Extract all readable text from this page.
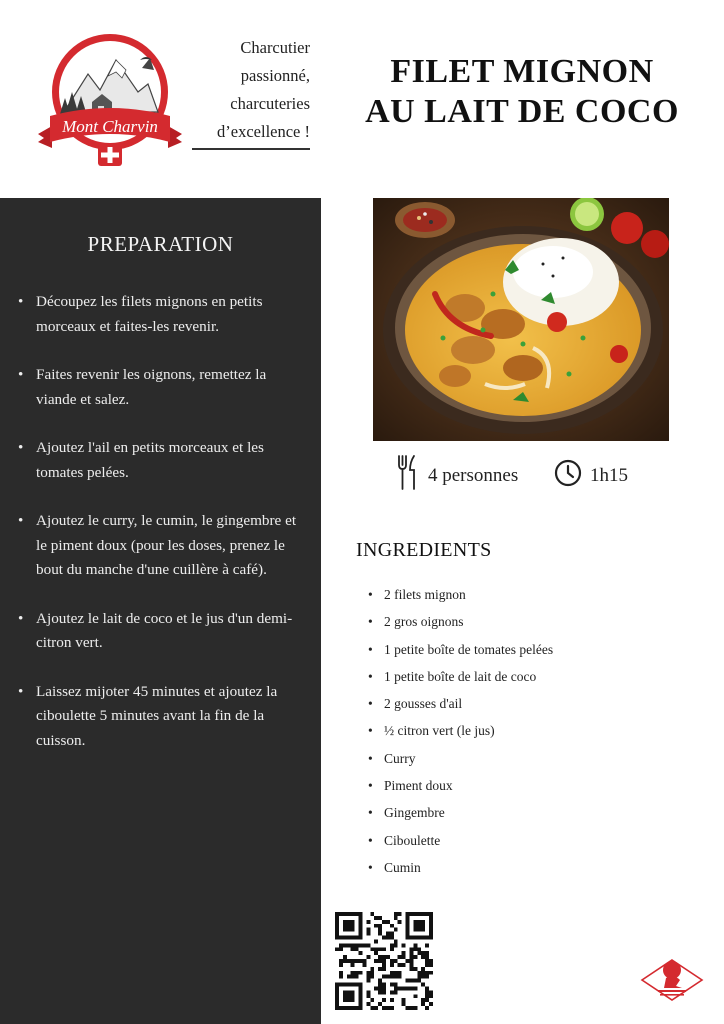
Mont Charvin
Charcutier
passionné,
charcuteries
d’excellence !
FILET MIGNON
AU LAIT DE COCO
PREPARATION
• Découpez les filets mignons en petits morceaux et faites-les revenir.
• Faites revenir les oignons, remettez la viande et salez.
• Ajoutez l'ail en petits morceaux et les tomates pelées.
• Ajoutez le curry, le cumin, le gingembre et le piment doux (pour les doses, prenez le bout du manche d'une cuillère à café).
• Ajoutez le lait de coco et le jus d'un demi-citron vert.
• Laissez mijoter 45 minutes et ajoutez la ciboulette 5 minutes avant la fin de la cuisson.
4 personnes	1h15
INGREDIENTS
• 2 filets mignon
• 2 gros oignons
• 1 petite boîte de tomates pelées
• 1 petite boîte de lait de coco
• 2 gousses d'ail
• ½ citron vert (le jus)
• Curry
• Piment doux
• Gingembre
• Ciboulette
• Cumin
